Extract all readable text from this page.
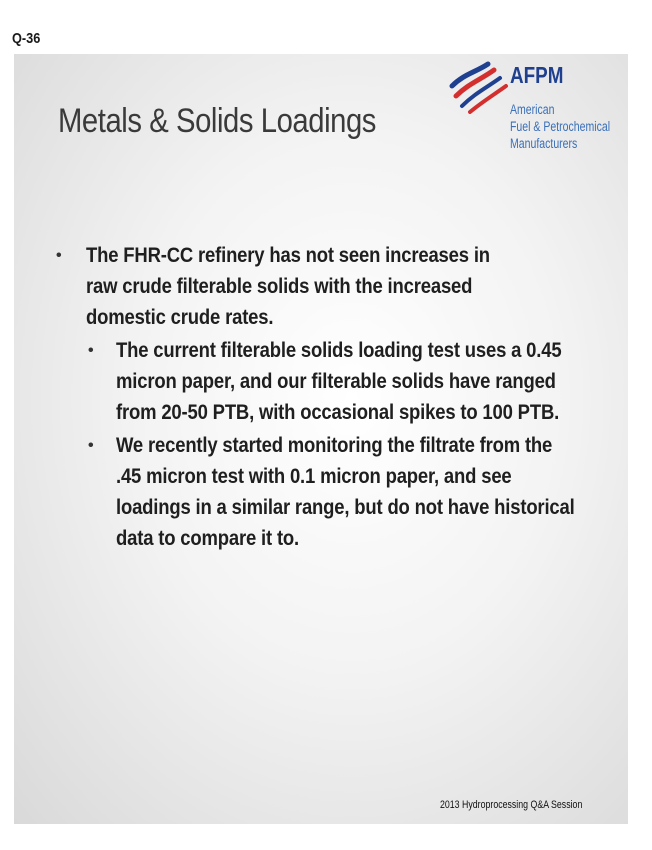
Q-36
Metals & Solids Loadings
AFPM
American
Fuel & Petrochemical
Manufacturers
• The FHR-CC refinery has not seen increases in raw crude filterable solids with the increased domestic crude rates.
• The current filterable solids loading test uses a 0.45 micron paper, and our filterable solids have ranged from 20-50 PTB, with occasional spikes to 100 PTB.
• We recently started monitoring the filtrate from the .45 micron test with 0.1 micron paper, and see loadings in a similar range, but do not have historical data to compare it to.
2013 Hydroprocessing Q&A Session
